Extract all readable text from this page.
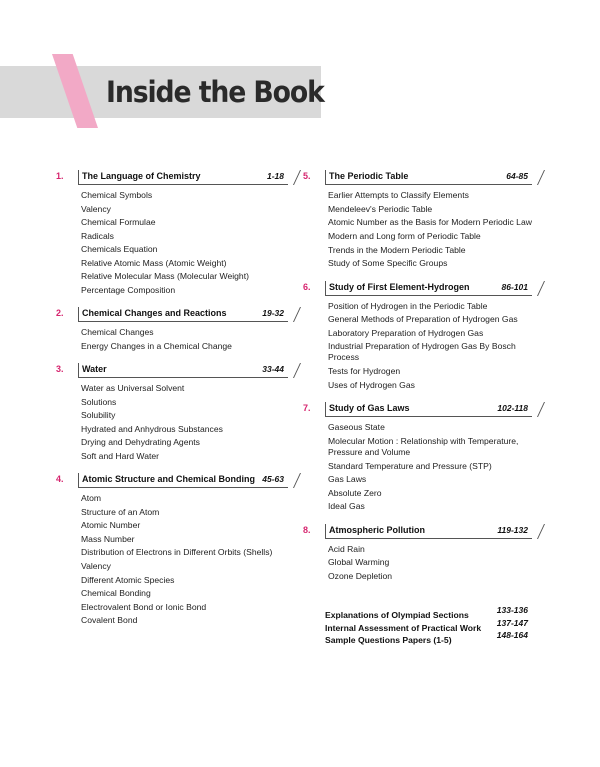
Inside the Book
1.	The Language of Chemistry	1-18
Chemical Symbols
Valency
Chemical Formulae
Radicals
Chemicals Equation
Relative Atomic Mass (Atomic Weight)
Relative Molecular Mass (Molecular Weight)
Percentage Composition
2.	Chemical Changes and Reactions	19-32
Chemical Changes
Energy Changes in a Chemical Change
3.	Water	33-44
Water as Universal Solvent
Solutions
Solubility
Hydrated and Anhydrous Substances
Drying and Dehydrating Agents
Soft and Hard Water
4.	Atomic Structure and Chemical Bonding 45-63
Atom
Structure of an Atom
Atomic Number
Mass Number
Distribution of Electrons in Different Orbits (Shells)
Valency
Different Atomic Species
Chemical Bonding
Electrovalent Bond or Ionic Bond
Covalent Bond
5.	The Periodic Table	64-85
Earlier Attempts to Classify Elements
Mendeleev's Periodic Table
Atomic Number as the Basis for Modern Periodic Law
Modern and Long form of Periodic Table
Trends in the Modern Periodic Table
Study of Some Specific Groups
6.	Study of First Element-Hydrogen	86-101
Position of Hydrogen in the Periodic Table
General Methods of Preparation of Hydrogen Gas
Laboratory Preparation of Hydrogen Gas
Industrial Preparation of Hydrogen Gas By Bosch Process
Tests for Hydrogen
Uses of Hydrogen Gas
7.	Study of Gas Laws	102-118
Gaseous State
Molecular Motion : Relationship with Temperature, Pressure and Volume
Standard Temperature and Pressure (STP)
Gas Laws
Absolute Zero
Ideal Gas
8.	Atmospheric Pollution	119-132
Acid Rain
Global Warming
Ozone Depletion
Explanations of Olympiad Sections	133-136
Internal Assessment of Practical Work 137-147
Sample Questions Papers (1-5)	148-164
